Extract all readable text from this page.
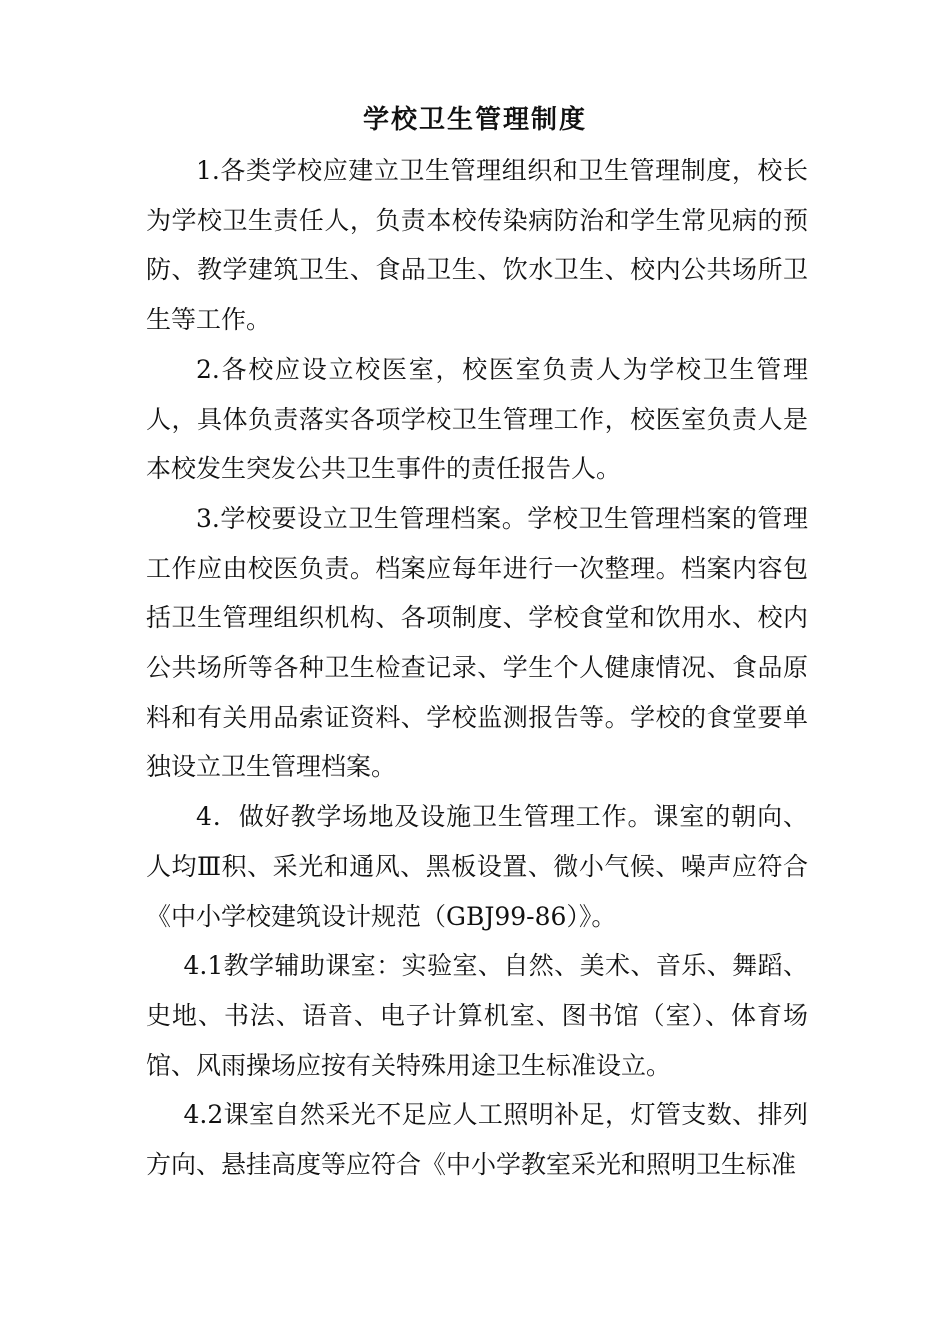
学校卫生管理制度

1.各类学校应建立卫生管理组织和卫生管理制度，校长为学校卫生责任人，负责本校传染病防治和学生常见病的预防、教学建筑卫生、食品卫生、饮水卫生、校内公共场所卫生等工作。

2.各校应设立校医室，校医室负责人为学校卫生管理人，具体负责落实各项学校卫生管理工作，校医室负责人是本校发生突发公共卫生事件的责任报告人。

3.学校要设立卫生管理档案。学校卫生管理档案的管理工作应由校医负责。档案应每年进行一次整理。档案内容包括卫生管理组织机构、各项制度、学校食堂和饮用水、校内公共场所等各种卫生检查记录、学生个人健康情况、食品原料和有关用品索证资料、学校监测报告等。学校的食堂要单独设立卫生管理档案。

4．做好教学场地及设施卫生管理工作。课室的朝向、人均Ⅲ积、采光和通风、黑板设置、微小气候、噪声应符合《中小学校建筑设计规范（GBJ99-86）》。

4.1教学辅助课室：实验室、自然、美术、音乐、舞蹈、史地、书法、语音、电子计算机室、图书馆（室）、体育场馆、风雨操场应按有关特殊用途卫生标准设立。

4.2课室自然采光不足应人工照明补足，灯管支数、排列方向、悬挂高度等应符合《中小学教室采光和照明卫生标准
